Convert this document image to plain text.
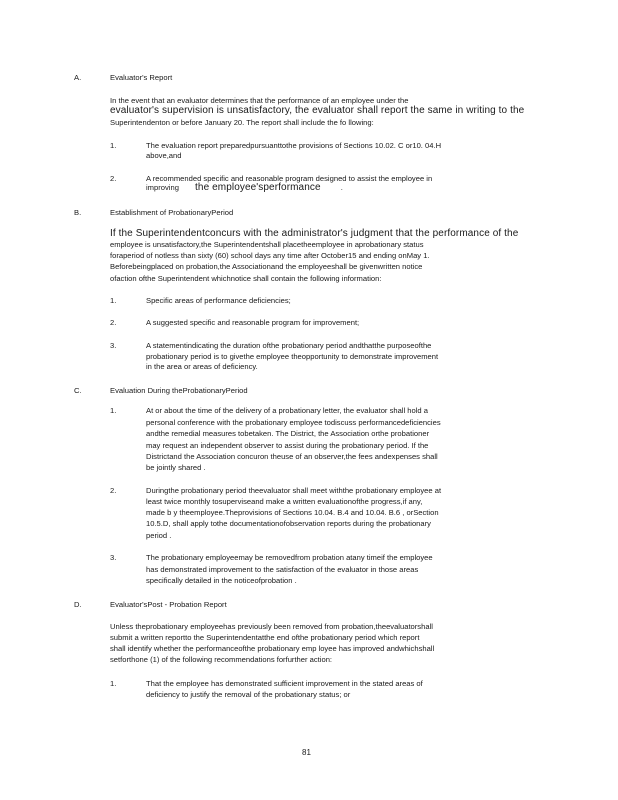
A.	Evaluator's Report
In the event that an evaluator determines that the performance of an employee under the
evaluator's supervision is unsatisfactory, the evaluator shall report the same in writing to the
Superintendenton or before January 20. The report shall include the fo llowing:
1.	The evaluation report preparedpursuanttothe provisions of Sections 10.02. C or10. 04.H
above,and
2.	A recommended specific and reasonable program designed to assist the employee in
improving the employee'sperformance	.
B.	Establishment of ProbationaryPeriod
If the Superintendentconcurs with the administrator's judgment that the performance of the
employee is unsatisfactory,the Superintendentshall placetheemployee in aprobationary status
foraperiod of notless than sixty (60) school days any time after October15 and ending onMay 1.
Beforebeingplaced on probation,the Associationand the employeeshall be givenwritten notice
ofaction ofthe Superintendent whichnotice shall contain the following information:
1.	Specific areas of performance deficiencies;
2.	A suggested specific and reasonable program for improvement;
3.	A statementindicating the duration ofthe probationary period andthatthe purposeofthe
probationary period is to givethe employee theopportunity to demonstrate improvement
in the area or areas of deficiency.
C.	Evaluation During theProbationaryPeriod
1.	At or about the time of the delivery of a probationary letter, the evaluator shall hold a
personal conference with the probationary employee todiscuss performancedeficiencies
andthe remedial measures tobetaken. The District, the Association orthe probationer
may request an independent observer to assist during the probationary period. If the
Districtand the Association concuron theuse of an observer,the fees andexpenses shall
be jointly shared .
2.	Duringthe probationary period theevaluator shall meet withthe probationary employee at
least twice monthly tosuperviseand make a written evaluationofthe progress,if any,
made b y theemployee.Theprovisions of Sections 10.04. B.4 and 10.04. B.6 , orSection
10.5.D, shall apply tothe documentationofobservation reports during the probationary
period .
3.	The probationary employeemay be removedfrom probation atany timeif the employee
has demonstrated improvement to the satisfaction of the evaluator in those areas
specifically detailed in the noticeofprobation .
D.	Evaluator'sPost - Probation Report
Unless theprobationary employeehas previously been removed from probation,theevaluatorshall
submit a written reportto the Superintendentatthe end ofthe probationary period which report
shall identify whether the performanceofthe probationary emp loyee has improved andwhichshall
setforthone (1) of the following recommendations forfurther action:
1.	That the employee has demonstrated sufficient improvement in the stated areas of
deficiency to justify the removal of the probationary status; or
81
